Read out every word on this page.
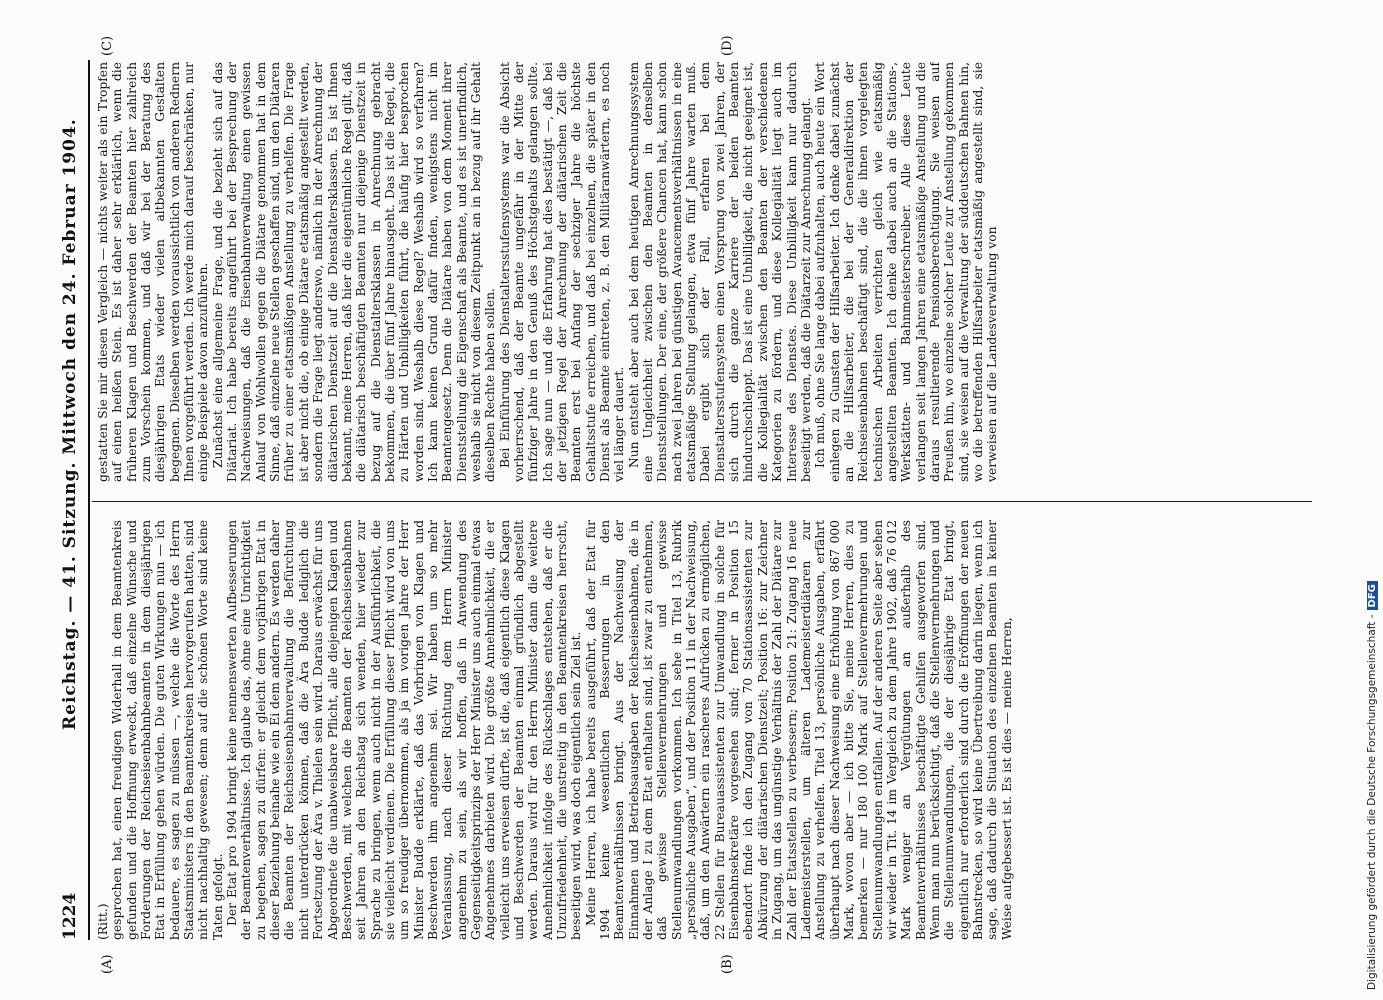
1224
Reichstag. — 41. Sitzung. Mittwoch den 24. Februar 1904.

(Ritt.) gesprochen hat, einen freudigen Widerhall in dem Beamtenkreis gefunden und die Hoffnung erweckt, daß einzelne Wünsche und Forderungen der Reichseisenbahnbeamten in dem diesjährigen Etat in Erfüllung gehen würden. Die guten Wirkungen nun — ich bedauere, es sagen zu müssen —, welche die Worte des Herrn Staatsministers in den Beamtenkreisen hervorgerufen hatten, sind nicht nachhaltig gewesen; denn auf die schönen Worte sind keine Taten gefolgt. Der Etat pro 1904 bringt keine nennenswerten Aufbesserungen der Beamtenverhältnisse. Ich glaube das, ohne eine Unrichtigkeit zu begehen, sagen zu dürfen: er gleicht dem vorjährigen Etat in dieser Beziehung beinahe wie ein Ei dem andern. Es werden daher die Beamten der Reichseisenbahnverwaltung die Befürchtung nicht unterdrücken können, daß die Ära Budde lediglich die Fortsetzung der Ära v. Thielen sein wird. Daraus erwächst für uns Abgeordnete die unabweisbare Pflicht, alle diejenigen Klagen und Beschwerden, mit welchen die Beamten der Reichseisenbahnen seit Jahren an den Reichstag sich wenden, hier wieder zur Sprache zu bringen, wenn auch nicht in der Ausführlichkeit, die sie vielleicht verdienen. Die Erfüllung dieser Pflicht wird von uns um so freudiger übernommen, als ja im vorigen Jahre der Herr Minister Budde erklärte, daß das Vorbringen von Klagen und Beschwerden ihm angenehm sei. Wir haben um so mehr Veranlassung, nach dieser Richtung dem Herrn Minister angenehm zu sein, als wir hoffen, daß in Anwendung des Gegenseitigkeitsprinzips der Herr Minister uns auch einmal etwas Angenehmes darbieten wird. Die größte Annehmlichkeit, die er vielleicht uns erweisen dürfte, ist die, daß eigentlich diese Klagen und Beschwerden der Beamten einmal gründlich abgestellt werden. Daraus wird für den Herrn Minister dann die weitere Annehmlichkeit infolge des Rückschlages entstehen, daß er die Unzufriedenheit, die unstreitig in den Beamtenkreisen herrscht, beseitigen wird, was doch eigentlich sein Ziel ist. Meine Herren, ich habe bereits ausgeführt, daß der Etat für 1904 keine wesentlichen Besserungen in den Beamtenverhältnissen bringt. Aus der Nachweisung der Einnahmen und Betriebsausgaben der Reichseisenbahnen, die in der Anlage I zu dem Etat enthalten sind, ist zwar zu entnehmen, daß gewisse Stellenvermehrungen und gewisse Stellenumwandlungen vorkommen. Ich sehe in Titel 13, Rubrik „persönliche Ausgaben“, und der Position 11 in der Nachweisung, daß, um den Anwärtern ein rascheres Aufrücken zu ermöglichen, 22 Stellen für Bureauassistenten zur Umwandlung in solche für Eisenbahnsekretäre vorgesehen sind; ferner in Position 15 ebendort finde ich den Zugang von 70 Stationsassistenten zur Abkürzung der diätarischen Dienstzeit; Position 16: zur Zeichner in Zugang, um das ungünstige Verhältnis der Zahl der Diätare zur Zahl der Etatsstellen zu verbessern; Position 21: Zugang 16 neue Lademeisterstellen, um älteren Lademeisterdiätaren zur Anstellung zu verhelfen. Titel 13, persönliche Ausgaben, erfährt überhaupt nach dieser Nachweisung eine Erhöhung von 867 000 Mark, wovon aber — ich bitte Sie, meine Herren, dies zu bemerken — nur 180 100 Mark auf Stellenvermehrungen und Stellenumwandlungen entfallen. Auf der anderen Seite aber sehen wir wieder in Tit. 14 im Vergleich zu dem Jahre 1902, daß 76 012 Mark weniger an Vergütungen an außerhalb des Beamtenverhältnisses beschäftigte Gehilfen ausgeworfen sind. Wenn man nun berücksichtigt, daß die Stellenvermehrungen und die Stellenumwandlungen, die der diesjährige Etat bringt, eigentlich nur erforderlich sind durch die Eröffnungen der neuen Bahnstrecken, so wird keine Übertreibung darin liegen, wenn ich sage, daß dadurch die Situation des einzelnen Beamten in keiner Weise aufgebessert ist. Es ist dies — meine Herren,

gestatten Sie mir diesen Vergleich — nichts weiter als ein Tropfen auf einen heißen Stein. Es ist daher sehr erklärlich, wenn die früheren Klagen und Beschwerden der Beamten hier zahlreich zum Vorschein kommen, und daß wir bei der Beratung des diesjährigen Etats wieder vielen altbekannten Gestalten begegnen. Dieselben werden voraussichtlich von anderen Rednern Ihnen vorgeführt werden. Ich werde mich darauf beschränken, nur einige Beispiele davon anzuführen. Zunächst eine allgemeine Frage, und die bezieht sich auf das Diätariat. Ich habe bereits angeführt bei der Besprechung der Nachweisungen, daß die Eisenbahnverwaltung einen gewissen Anlauf von Wohlwollen gegen die Diätare genommen hat in dem Sinne, daß einzelne neue Stellen geschaffen sind, um den Diätaren früher zu einer etatsmäßigen Anstellung zu verhelfen. Die Frage ist aber nicht die, ob einige Diätare etatsmäßig angestellt werden, sondern die Frage liegt anderswo, nämlich in der Anrechnung der diätarischen Dienstzeit auf die Dienstaltersklassen. Es ist Ihnen bekannt, meine Herren, daß hier die eigentümliche Regel gilt, daß die diätarisch beschäftigten Beamten nur diejenige Dienstzeit in bezug auf die Dienstaltersklassen in Anrechnung gebracht bekommen, die über fünf Jahre hinausgeht. Das ist die Regel, die zu Härten und Unbilligkeiten führt, die häufig hier besprochen worden sind. Weshalb diese Regel? Weshalb wird so verfahren? Ich kann keinen Grund dafür finden, wenigstens nicht im Beamtengesetz. Denn die Diätare haben von dem Moment ihrer Dienststellung die Eigenschaft als Beamte, und es ist unerfindlich, weshalb sie nicht von diesem Zeitpunkt an in bezug auf ihr Gehalt dieselben Rechte haben sollen. Bei Einführung des Dienstaltersstufensystems war die Absicht vorherrschend, daß der Beamte ungefähr in der Mitte der fünfziger Jahre in den Genuß des Höchstgehalts gelangen sollte. Ich sage nun — und die Erfahrung hat dies bestätigt —, daß bei der jetzigen Regel der Anrechnung der diätarischen Zeit die Beamten erst bei Anfang der sechziger Jahre die höchste Gehaltsstufe erreichen, und daß bei einzelnen, die später in den Dienst als Beamte eintreten, z. B. den Militäranwärtern, es noch viel länger dauert. Nun entsteht aber auch bei dem heutigen Anrechnungssystem eine Ungleichheit zwischen den Beamten in denselben Dienststellungen. Der eine, der größere Chancen hat, kann schon nach zwei Jahren bei günstigen Avancementsverhältnissen in eine etatsmäßige Stellung gelangen, etwa fünf Jahre warten muß. Dabei ergibt sich der Fall, erfahren bei dem Dienstaltersstufensystem einen Vorsprung von zwei Jahren, der sich durch die ganze Karriere der beiden Beamten hindurchschleppt. Das ist eine Unbilligkeit, die nicht geeignet ist, die Kollegialität zwischen den Beamten der verschiedenen Kategorien zu fördern, und diese Kollegialität liegt auch im Interesse des Dienstes. Diese Unbilligkeit kann nur dadurch beseitigt werden, daß die Diätarzeit zur Anrechnung gelangt. Ich muß, ohne Sie lange dabei aufzuhalten, auch heute ein Wort einlegen zu Gunsten der Hilfsarbeiter. Ich denke dabei zunächst an die Hilfsarbeiter, die bei der Generaldirektion der Reichseisenbahnen beschäftigt sind, die die ihnen vorgelegten technischen Arbeiten verrichten gleich wie etatsmäßig angestellten Beamten. Ich denke dabei auch an die Stations-, Werkstätten- und Bahnmeisterschreiber. Alle diese Leute verlangen seit langen Jahren eine etatsmäßige Anstellung und die daraus resultierende Pensionsberechtigung. Sie weisen auf Preußen hin, wo einzelne solcher Leute zur Anstellung gekommen sind, sie weisen auf die Verwaltung der süddeutschen Bahnen hin, wo die betreffenden Hilfsarbeiter etatsmäßig angestellt sind, sie verweisen auf die Landesverwaltung von

(A)	(B)
(C)	(D)
Digitalisierung gefördert durch die Deutsche Forschungsgemeinschaft -DFG
